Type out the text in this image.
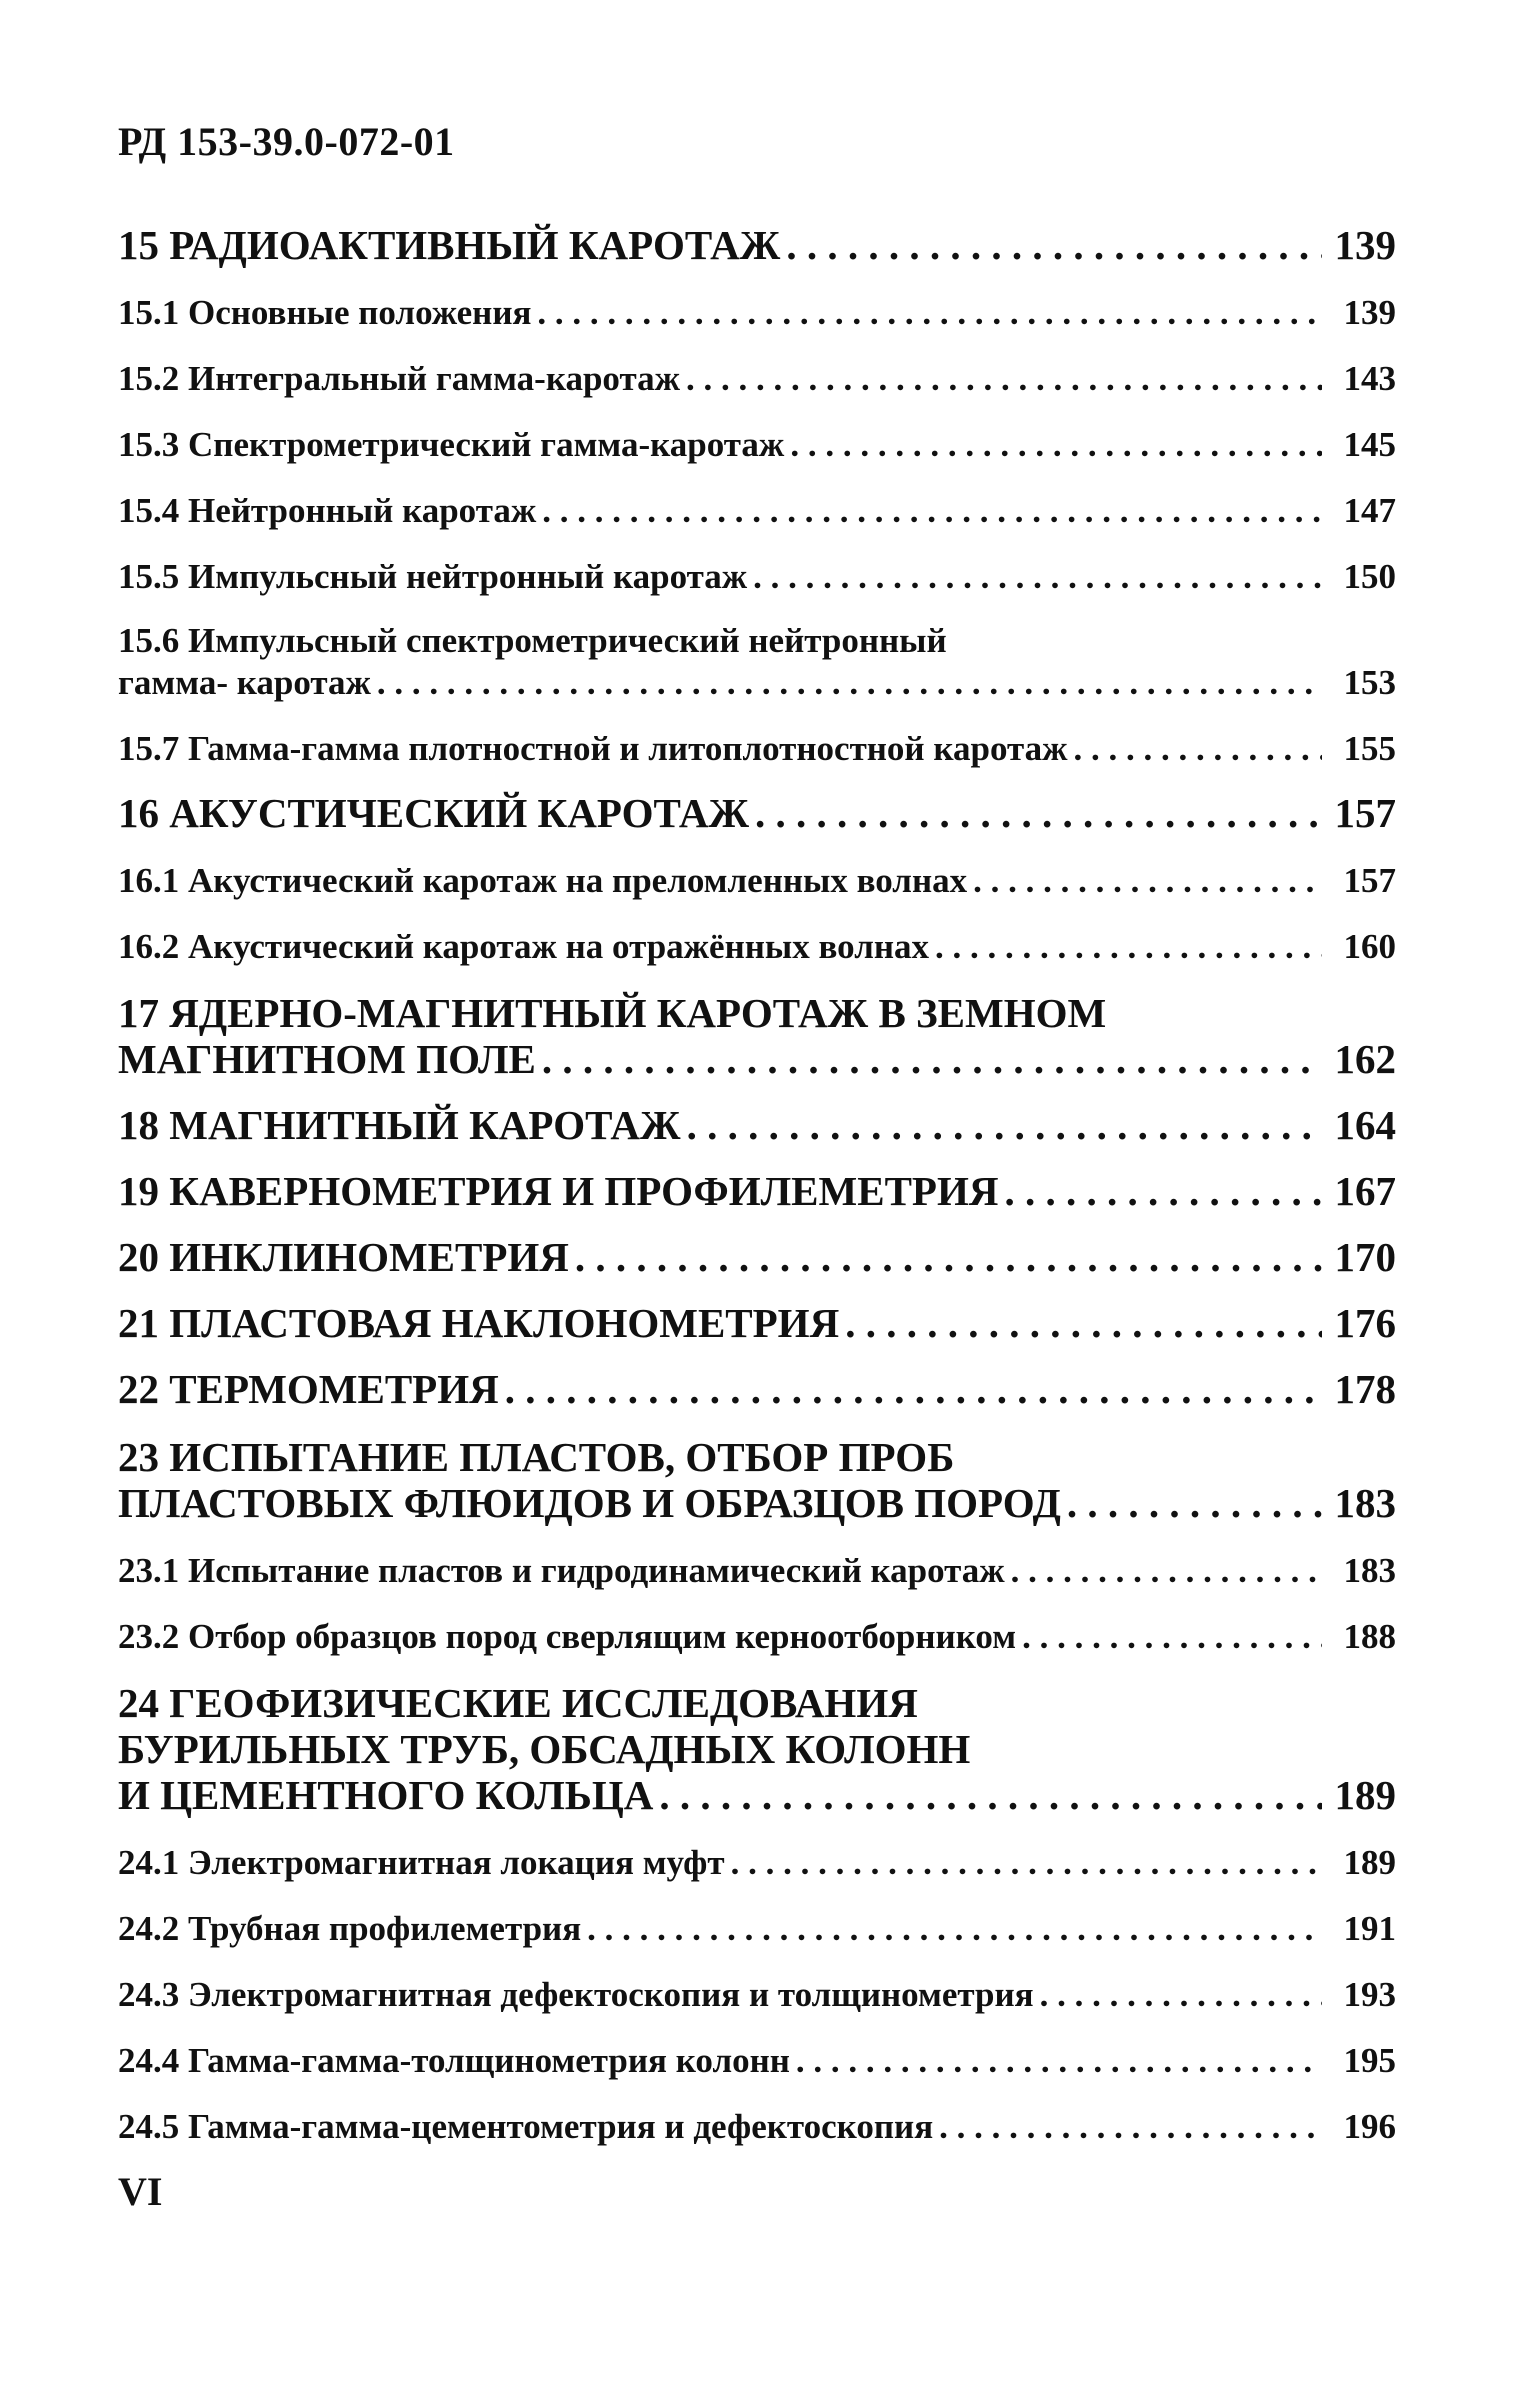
РД 153-39.0-072-01
15 РАДИОАКТИВНЫЙ КАРОТАЖ . . .	139
15.1 Основные положения . . .	139
15.2 Интегральный гамма-каротаж . . .	143
15.3 Спектрометрический гамма-каротаж . . .	145
15.4 Нейтронный каротаж . . .	147
15.5 Импульсный нейтронный каротаж . . .	150
15.6 Импульсный спектрометрический нейтронный
гамма- каротаж . . .	153
15.7 Гамма-гамма плотностной и литоплотностной каротаж . . .	155
16 АКУСТИЧЕСКИЙ КАРОТАЖ . . .	157
16.1 Акустический каротаж на преломленных волнах . . .	157
16.2 Акустический каротаж на отражённых волнах . . .	160
17 ЯДЕРНО-МАГНИТНЫЙ КАРОТАЖ В ЗЕМНОМ
МАГНИТНОМ ПОЛЕ . . .	162
18 МАГНИТНЫЙ КАРОТАЖ . . .	164
19 КАВЕРНОМЕТРИЯ И ПРОФИЛЕМЕТРИЯ . . .	167
20 ИНКЛИНОМЕТРИЯ . . .	170
21 ПЛАСТОВАЯ НАКЛОНОМЕТРИЯ . . .	176
22 ТЕРМОМЕТРИЯ . . .	178
23 ИСПЫТАНИЕ ПЛАСТОВ, ОТБОР ПРОБ
ПЛАСТОВЫХ ФЛЮИДОВ И ОБРАЗЦОВ ПОРОД . . .	183
23.1 Испытание пластов и гидродинамический каротаж . . .	183
23.2 Отбор образцов пород сверлящим керноотборником . . .	188
24 ГЕОФИЗИЧЕСКИЕ ИССЛЕДОВАНИЯ
БУРИЛЬНЫХ ТРУБ, ОБСАДНЫХ КОЛОНН
И ЦЕМЕНТНОГО КОЛЬЦА . . .	189
24.1 Электромагнитная локация муфт . . .	189
24.2 Трубная профилеметрия . . .	191
24.3 Электромагнитная дефектоскопия и толщинометрия . . .	193
24.4 Гамма-гамма-толщинометрия колонн . . .	195
24.5 Гамма-гамма-цементометрия и дефектоскопия . . .	196
VI
